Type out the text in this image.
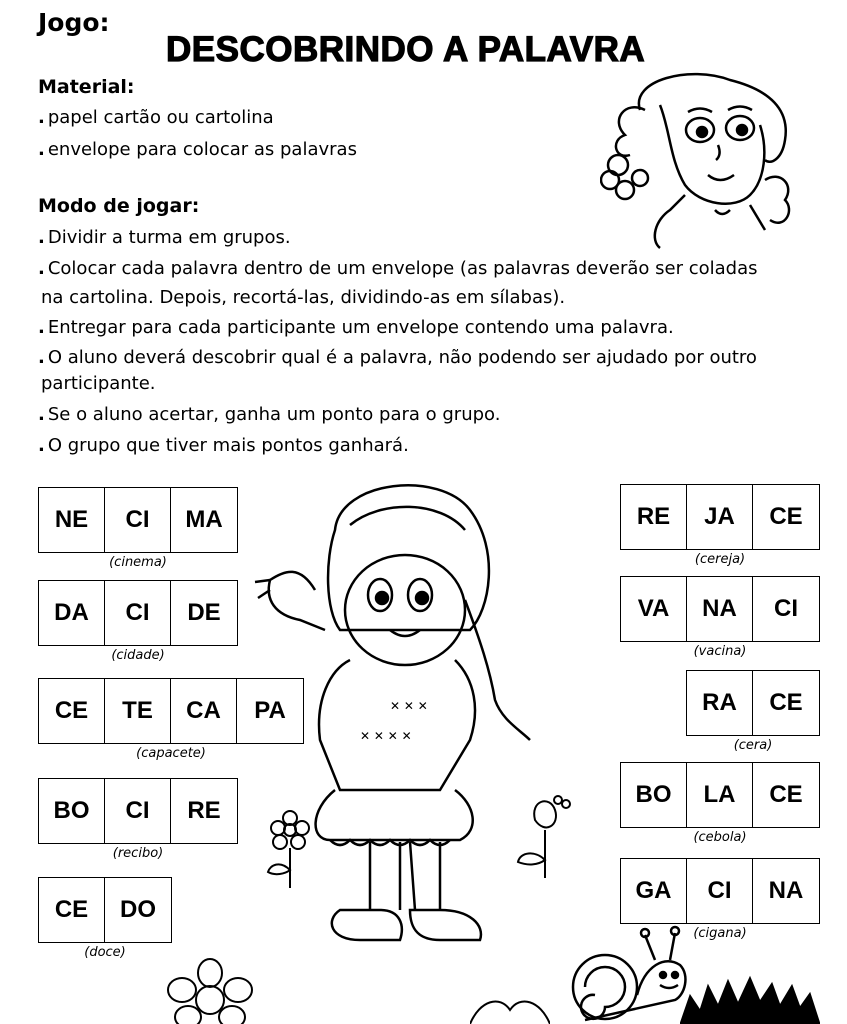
Jogo:
DESCOBRINDO A PALAVRA
Material:
. papel cartão ou cartolina
. envelope para colocar as palavras
Modo de jogar:
. Dividir a turma em grupos.
. Colocar cada palavra dentro de um envelope (as palavras deverão ser coladas
na cartolina. Depois, recortá-las, dividindo-as em sílabas).
. Entregar para cada participante um envelope contendo uma palavra.
. O aluno deverá descobrir qual é a palavra, não podendo ser ajudado por outro
participante.
. Se o aluno acertar, ganha um ponto para o grupo.
. O grupo que tiver mais pontos ganhará.
✕ ✕ ✕
✕ ✕ ✕ ✕
NE	CI	MA
(cinema)
DA	CI	DE
(cidade)
CE	TE	CA	PA
(capacete)
BO	CI	RE
(recibo)
CE	DO
(doce)
RE	JA	CE
(cereja)
VA	NA	CI
(vacina)
RA	CE
(cera)
BO	LA	CE
(cebola)
GA	CI	NA
(cigana)
